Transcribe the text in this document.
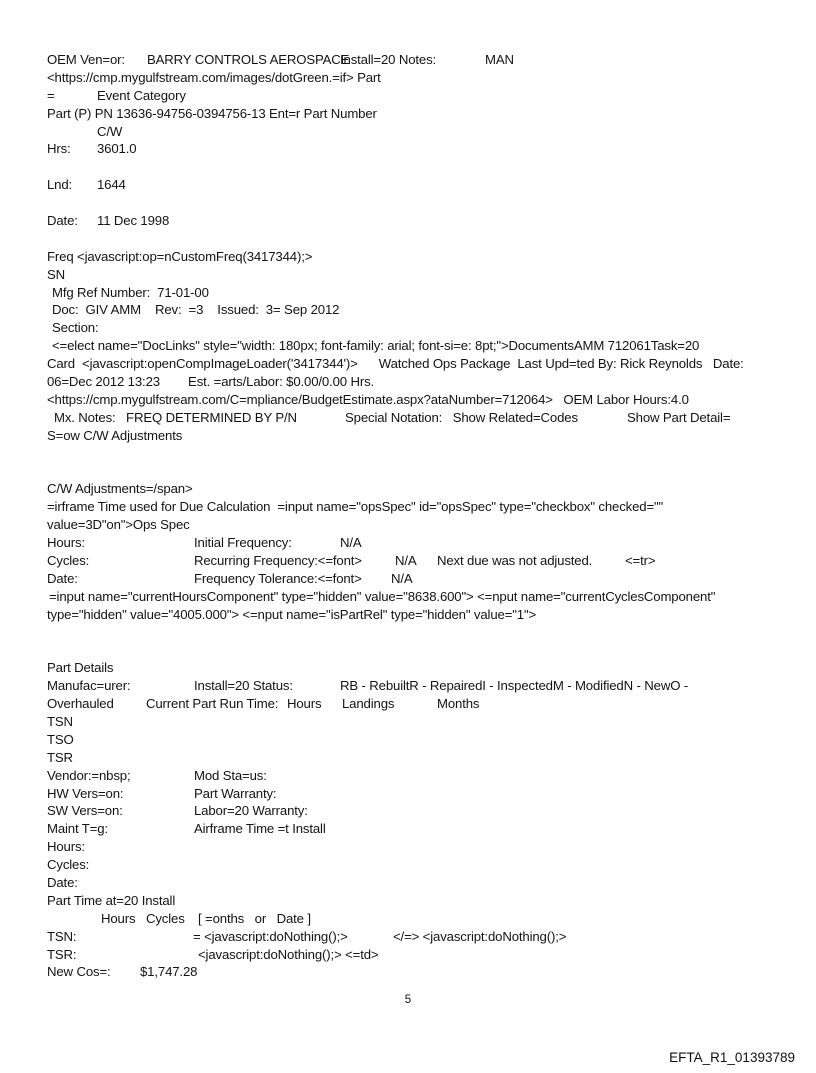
OEM Ven=or: BARRY CONTROLS AEROSPACE
Install=20 Notes:	MAN
<https://cmp.mygulfstream.com/images/dotGreen.=if> Part
=	Event Category
Part (P) PN 13636-94756-0394756-13 Ent=r Part Number
C/W
Hrs: 3601.0
Lnd: 1644
Date: 11 Dec 1998
Freq <javascript:op=nCustomFreq(3417344);>
SN
Mfg Ref Number:  71-01-00
Doc:  GIV AMM    Rev:  =3    Issued:  3= Sep 2012
Section:
<=elect name="DocLinks" style="width: 180px; font-family: arial; font-si=e: 8pt;">DocumentsAMM 712061Task=20
Card  <javascript:openCompImageLoader('3417344')>      Watched Ops Package  Last Upd=ted By: Rick Reynolds   Date:
06=Dec 2012 13:23        Est. =arts/Labor: $0.00/0.00 Hrs.
<https://cmp.mygulfstream.com/C=mpliance/BudgetEstimate.aspx?ataNumber=712064>   OEM Labor Hours:4.0
Mx. Notes:   FREQ DETERMINED BY P/N	Special Notation:   Show Related=Codes	Show Part Detail=
S=ow C/W Adjustments
C/W Adjustments=/span>
=irframe Time used for Due Calculation  =input name="opsSpec" id="opsSpec" type="checkbox" checked=""
value=3D"on">Ops Spec
Hours:	Initial Frequency:	N/A
Cycles:	Recurring Frequency:<=font>	N/A Next due was not adjusted. <=tr>
Date:	Frequency Tolerance:<=font> N/A
=input name="currentHoursComponent" type="hidden" value="8638.600"> <=nput name="currentCyclesComponent"
type="hidden" value="4005.000"> <=nput name="isPartRel" type="hidden" value="1">
Part Details
Manufac=urer:	Install=20 Status:	RB - RebuiltR - RepairedI - InspectedM - ModifiedN - NewO -
Overhauled Current Part Run Time: Hours Landings	Months
TSN
TSO
TSR
Vendor:=nbsp;	Mod Sta=us:
HW Vers=on:	Part Warranty:
SW Vers=on:	Labor=20 Warranty:
Maint T=g:	Airframe Time =t Install
Hours:
Cycles:
Date:
Part Time at=20 Install
Hours   Cycles [ =onths   or   Date ]
TSN:	= <javascript:doNothing();>	</=> <javascript:doNothing();>
TSR:	<javascript:doNothing();> <=td>
New Cos=: $1,747.28
5
EFTA_R1_01393789
